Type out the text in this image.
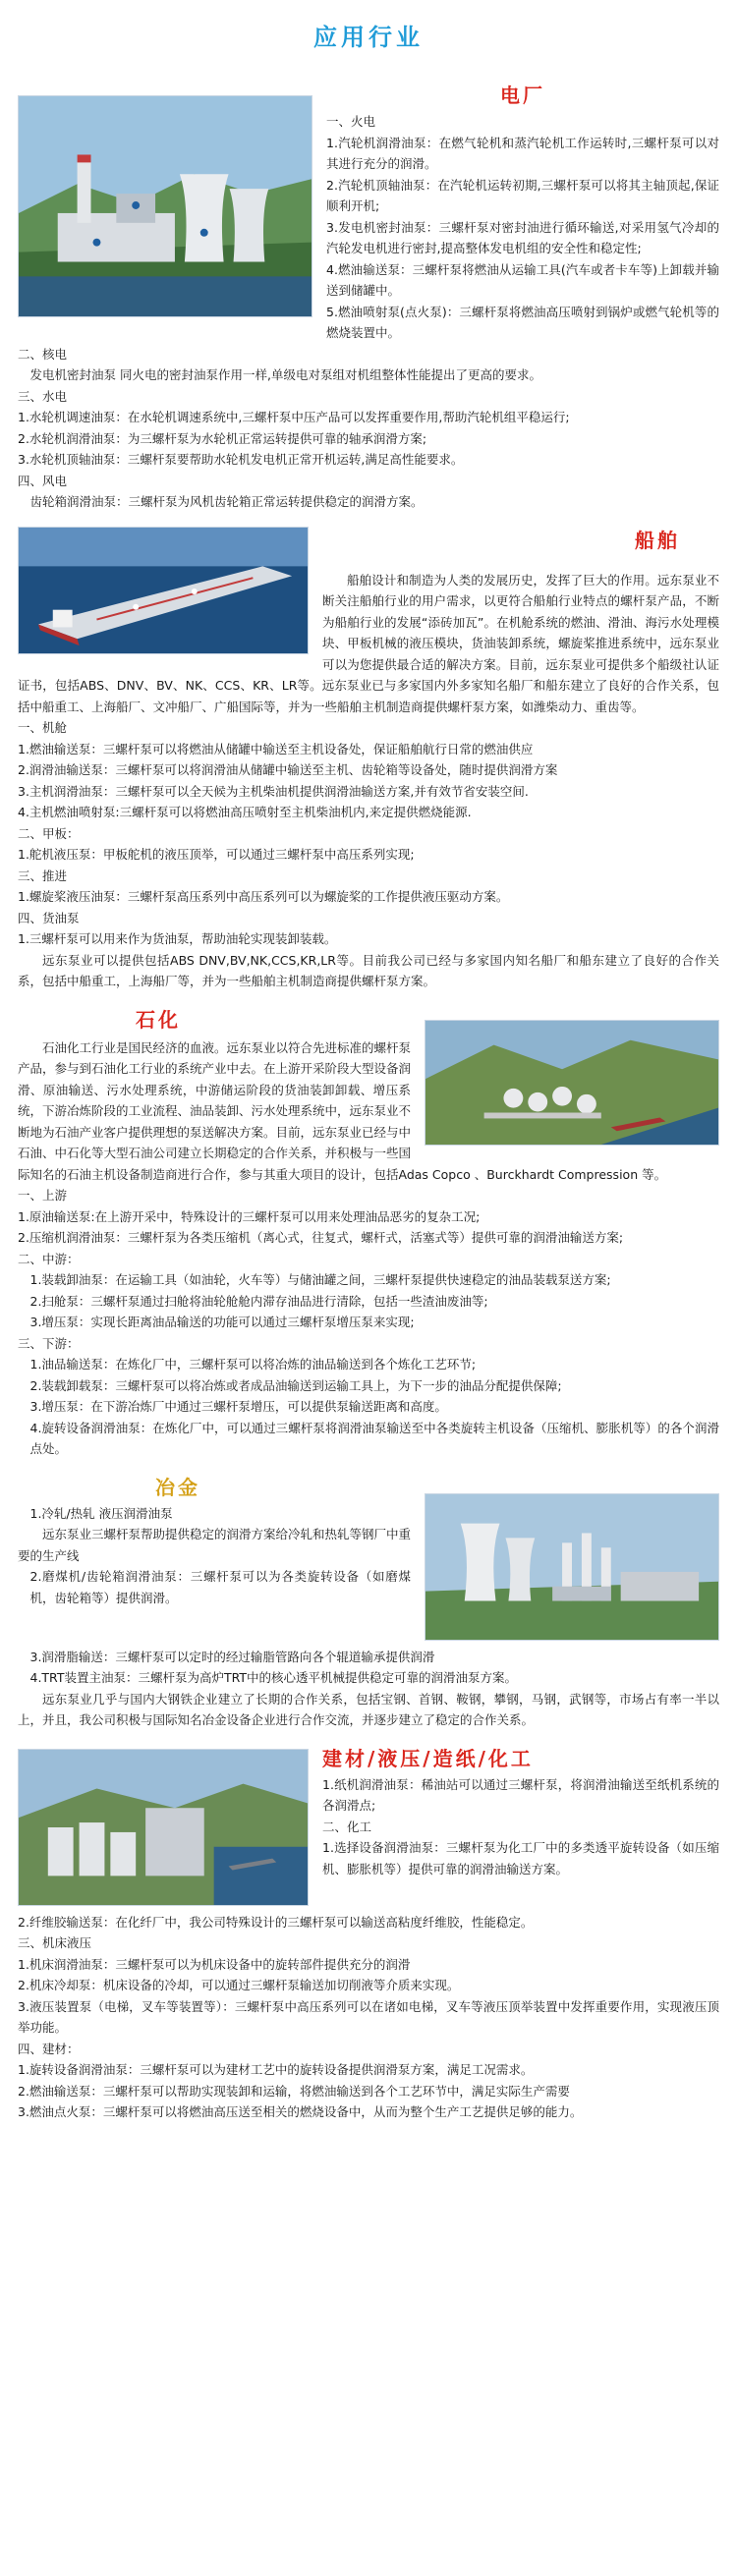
应用行业
电厂
一、火电
1.汽轮机润滑油泵：在燃气轮机和蒸汽轮机工作运转时,三螺杆泵可以对其进行充分的润滑。
2.汽轮机顶轴油泵：在汽轮机运转初期,三螺杆泵可以将其主轴顶起,保证顺利开机;
3.发电机密封油泵：三螺杆泵对密封油进行循环输送,对采用氢气冷却的汽轮发电机进行密封,提高整体发电机组的安全性和稳定性;
4.燃油输送泵：三螺杆泵将燃油从运输工具(汽车或者卡车等)上卸载并输送到储罐中。
5.燃油喷射泵(点火泵)：三螺杆泵将燃油高压喷射到锅炉或燃气轮机等的燃烧装置中。
二、核电
发电机密封油泵 同火电的密封油泵作用一样,单级电对泵组对机组整体性能提出了更高的要求。
三、水电
1.水轮机调速油泵：在水轮机调速系统中,三螺杆泵中压产品可以发挥重要作用,帮助汽轮机组平稳运行;
2.水轮机润滑油泵：为三螺杆泵为水轮机正常运转提供可靠的轴承润滑方案;
3.水轮机顶轴油泵：三螺杆泵要帮助水轮机发电机正常开机运转,满足高性能要求。
四、风电
齿轮箱润滑油泵：三螺杆泵为风机齿轮箱正常运转提供稳定的润滑方案。
船舶
船舶设计和制造为人类的发展历史，发挥了巨大的作用。远东泵业不断关注船舶行业的用户需求，以更符合船舶行业特点的螺杆泵产品，不断为船舶行业的发展“添砖加瓦”。在机舱系统的燃油、滑油、海污水处理模块、甲板机械的液压模块，货油装卸系统，螺旋桨推进系统中，远东泵业可以为您提供最合适的解决方案。目前，远东泵业可提供多个船级社认证证书，包括ABS、DNV、BV、NK、CCS、KR、LR等。远东泵业已与多家国内外多家知名船厂和船东建立了良好的合作关系，包括中船重工、上海船厂、文冲船厂、广船国际等，并为一些船舶主机制造商提供螺杆泵方案，如潍柴动力、重齿等。
一、机舱
1.燃油输送泵：三螺杆泵可以将燃油从储罐中输送至主机设备处，保证船舶航行日常的燃油供应
2.润滑油输送泵：三螺杆泵可以将润滑油从储罐中输送至主机、齿轮箱等设备处，随时提供润滑方案
3.主机润滑油泵：三螺杆泵可以全天候为主机柴油机提供润滑油输送方案,并有效节省安装空间.
4.主机燃油喷射泵:三螺杆泵可以将燃油高压喷射至主机柴油机内,来定提供燃烧能源.
二、甲板：
1.舵机液压泵：甲板舵机的液压顶举，可以通过三螺杆泵中高压系列实现;
三、推进
1.螺旋桨液压油泵：三螺杆泵高压系列中高压系列可以为螺旋桨的工作提供液压驱动方案。
四、货油泵
1.三螺杆泵可以用来作为货油泵，帮助油轮实现装卸装载。
远东泵业可以提供包括ABS DNV,BV,NK,CCS,KR,LR等。目前我公司已经与多家国内知名船厂和船东建立了良好的合作关系，包括中船重工，上海船厂等，并为一些船舶主机制造商提供螺杆泵方案。
石化
石油化工行业是国民经济的血液。远东泵业以符合先进标准的螺杆泵产品，参与到石油化工行业的系统产业中去。在上游开采阶段大型设备润滑、原油输送、污水处理系统，中游储运阶段的货油装卸卸载、增压系统，下游冶炼阶段的工业流程、油品装卸、污水处理系统中，远东泵业不断地为石油产业客户提供理想的泵送解决方案。目前，远东泵业已经与中石油、中石化等大型石油公司建立长期稳定的合作关系，并积极与一些国际知名的石油主机设备制造商进行合作，参与其重大项目的设计，包括Adas Copco 、Burckhardt Compression 等。
一、上游
1.原油输送泵:在上游开采中，特殊设计的三螺杆泵可以用来处理油品恶劣的复杂工况;
2.压缩机润滑油泵：三螺杆泵为各类压缩机（离心式，往复式，螺杆式，活塞式等）提供可靠的润滑油输送方案;
二、中游：
1.装载卸油泵：在运输工具（如油轮，火车等）与储油罐之间，三螺杆泵提供快速稳定的油品装载泵送方案;
2.扫舱泵：三螺杆泵通过扫舱将油轮舱舱内滞存油品进行清除，包括一些渣油废油等;
3.增压泵：实现长距离油品输送的功能可以通过三螺杆泵增压泵来实现;
三、下游：
1.油品输送泵：在炼化厂中，三螺杆泵可以将冶炼的油品输送到各个炼化工艺环节;
2.装载卸载泵：三螺杆泵可以将冶炼或者成品油输送到运输工具上，为下一步的油品分配提供保障;
3.增压泵：在下游冶炼厂中通过三螺杆泵增压，可以提供泵输送距离和高度。
4.旋转设备润滑油泵：在炼化厂中，可以通过三螺杆泵将润滑油泵输送至中各类旋转主机设备（压缩机、膨胀机等）的各个润滑点处。
冶金
1.冷轧/热轧 液压润滑油泵
远东泵业三螺杆泵帮助提供稳定的润滑方案给冷轧和热轧等钢厂中重要的生产线
2.磨煤机/齿轮箱润滑油泵：三螺杆泵可以为各类旋转设备（如磨煤机，齿轮箱等）提供润滑。
3.润滑脂输送：三螺杆泵可以定时的经过输脂管路向各个辊道输承提供润滑
4.TRT装置主油泵：三螺杆泵为高炉TRT中的核心透平机械提供稳定可靠的润滑油泵方案。
远东泵业几乎与国内大钢铁企业建立了长期的合作关系，包括宝钢、首钢、鞍钢，攀钢，马钢，武钢等，市场占有率一半以上，并且，我公司积极与国际知名冶金设备企业进行合作交流，并逐步建立了稳定的合作关系。
建材/液压/造纸/化工
1.纸机润滑油泵：稀油站可以通过三螺杆泵，将润滑油输送至纸机系统的各润滑点;
二、化工
1.选择设备润滑油泵：三螺杆泵为化工厂中的多类透平旋转设备（如压缩机、膨胀机等）提供可靠的润滑油输送方案。
2.纤维胶输送泵：在化纤厂中，我公司特殊设计的三螺杆泵可以输送高粘度纤维胶，性能稳定。
三、机床液压
1.机床润滑油泵：三螺杆泵可以为机床设备中的旋转部件提供充分的润滑
2.机床冷却泵：机床设备的冷却，可以通过三螺杆泵输送加切削液等介质来实现。
3.液压装置泵（电梯，叉车等装置等）：三螺杆泵中高压系列可以在诸如电梯，叉车等液压顶举装置中发挥重要作用，实现液压顶举功能。
四、建材：
1.旋转设备润滑油泵：三螺杆泵可以为建材工艺中的旋转设备提供润滑泵方案，满足工况需求。
2.燃油输送泵：三螺杆泵可以帮助实现装卸和运输，将燃油输送到各个工艺环节中，满足实际生产需要
3.燃油点火泵：三螺杆泵可以将燃油高压送至相关的燃烧设备中，从而为整个生产工艺提供足够的能力。
